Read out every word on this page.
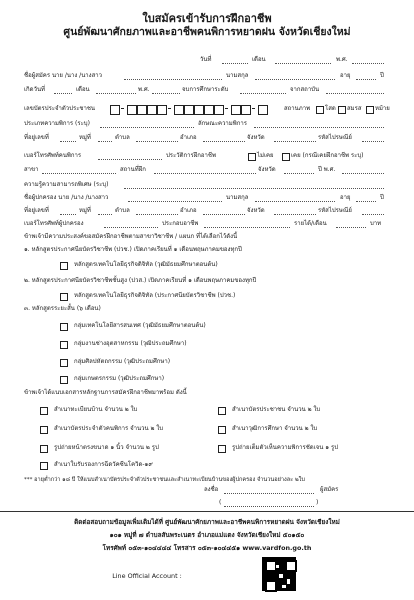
ใบสมัครเข้ารับการฝึกอาชีพ
ศูนย์พัฒนาศักยภาพและอาชีพคนพิการหยาดฝน จังหวัดเชียงใหม่
วันที่	เดือน	พ.ศ.
ชื่อผู้สมัคร นาย /นาง /นางสาว	นามสกุล	อายุ	ปี
เกิดวันที่	เดือน	พ.ศ.	จบการศึกษาระดับ	จากสถาบัน
เลขบัตรประจำตัวประชาชน	สถานภาพ โสด สมรส หม้าย
ประเภทความพิการ (ระบุ)	ลักษณะความพิการ
ที่อยู่เลขที่	หมู่ที่	ตำบล	อำเภอ	จังหวัด	รหัสไปรษณีย์
เบอร์โทรศัพท์คนพิการ	ประวัติการฝึกอาชีพ	ไม่เคย	เคย (กรณีเคยฝึกอาชีพ ระบุ)
สาขา	สถานที่ฝึก	จังหวัด	ปี พ.ศ.
ความรู้ความสามารถพิเศษ (ระบุ)
ชื่อผู้ปกครอง นาย /นาง /นางสาว	นามสกุล	อายุ	ปี
ที่อยู่เลขที่	หมู่ที่	ตำบล	อำเภอ	จังหวัด	รหัสไปรษณีย์
เบอร์โทรศัพท์ผู้ปกครอง	ประกอบอาชีพ	รายได้/เดือน	บาท
ข้าพเจ้ามีความประสงค์ขอสมัครฝึกอาชีพตามสาขาวิชาชีพ / แผนก ที่ได้เลือกไว้ดังนี้
๑. หลักสูตรประกาศนียบัตรวิชาชีพ (ปวช.) เปิดภาคเรียนที่ ๑ เดือนพฤษภาคมของทุกปี
หลักสูตรเทคโนโลยีธุรกิจดิจิทัล (วุฒิมัธยมศึกษาตอนต้น)
๒. หลักสูตรประกาศนียบัตรวิชาชีพชั้นสูง (ปวส.) เปิดภาคเรียนที่ ๑ เดือนพฤษภาคมของทุกปี
หลักสูตรเทคโนโลยีธุรกิจดิจิทัล (ประกาศนียบัตรวิชาชีพ (ปวช.)
๓. หลักสูตรระยะสั้น (๖ เดือน)
กลุ่มเทคโนโลยีสารสนเทศ (วุฒิมัธยมศึกษาตอนต้น)
กลุ่มงานช่างอุตสาหกรรม (วุฒิประถมศึกษา)
กลุ่มศิลปหัตถกรรม (วุฒิประถมศึกษา)
กลุ่มเกษตรกรรม (วุฒิประถมศึกษา)
ข้าพเจ้าได้แนบเอกสารหลักฐานการสมัครฝึกอาชีพมาพร้อม ดังนี้
สำเนาทะเบียนบ้าน จำนวน ๒ ใบ	สำเนาบัตรประชาชน จำนวน ๒ ใบ
สำเนาบัตรประจำตัวคนพิการ จำนวน ๒ ใบ	สำเนาวุฒิการศึกษา จำนวน ๒ ใบ
รูปถ่ายหน้าตรงขนาด ๑ นิ้ว จำนวน ๒ รูป	รูปถ่ายเต็มตัวเห็นความพิการชัดเจน ๑ รูป
สำเนาใบรับรองการฉีดวัคซีนโควิด-๑๙
*** อายุต่ำกว่า ๑๘ ปี ให้แนบสำเนาบัตรประจำตัวประชาชนและสำเนาทะเบียนบ้านของผู้ปกครอง จำนวนอย่างละ ๒ใบ
ลงชื่อ	ผู้สมัคร
(	)
ติดต่อสอบถามข้อมูลเพิ่มเติมได้ที่ ศูนย์พัฒนาศักยภาพและอาชีพคนพิการหยาดฝน จังหวัดเชียงใหม่
๑๐๑ หมู่ที่ ๗ ตำบลสันพระเนตร อำเภอแม่แตง จังหวัดเชียงใหม่ ๕๐๑๕๐
โทรศัพท์ ๐๕๓-๑๐๔๔๔๔ โทรสาร ๐๕๓-๑๐๔๔๕๑ www.vardfon.go.th
Line Official Account :
